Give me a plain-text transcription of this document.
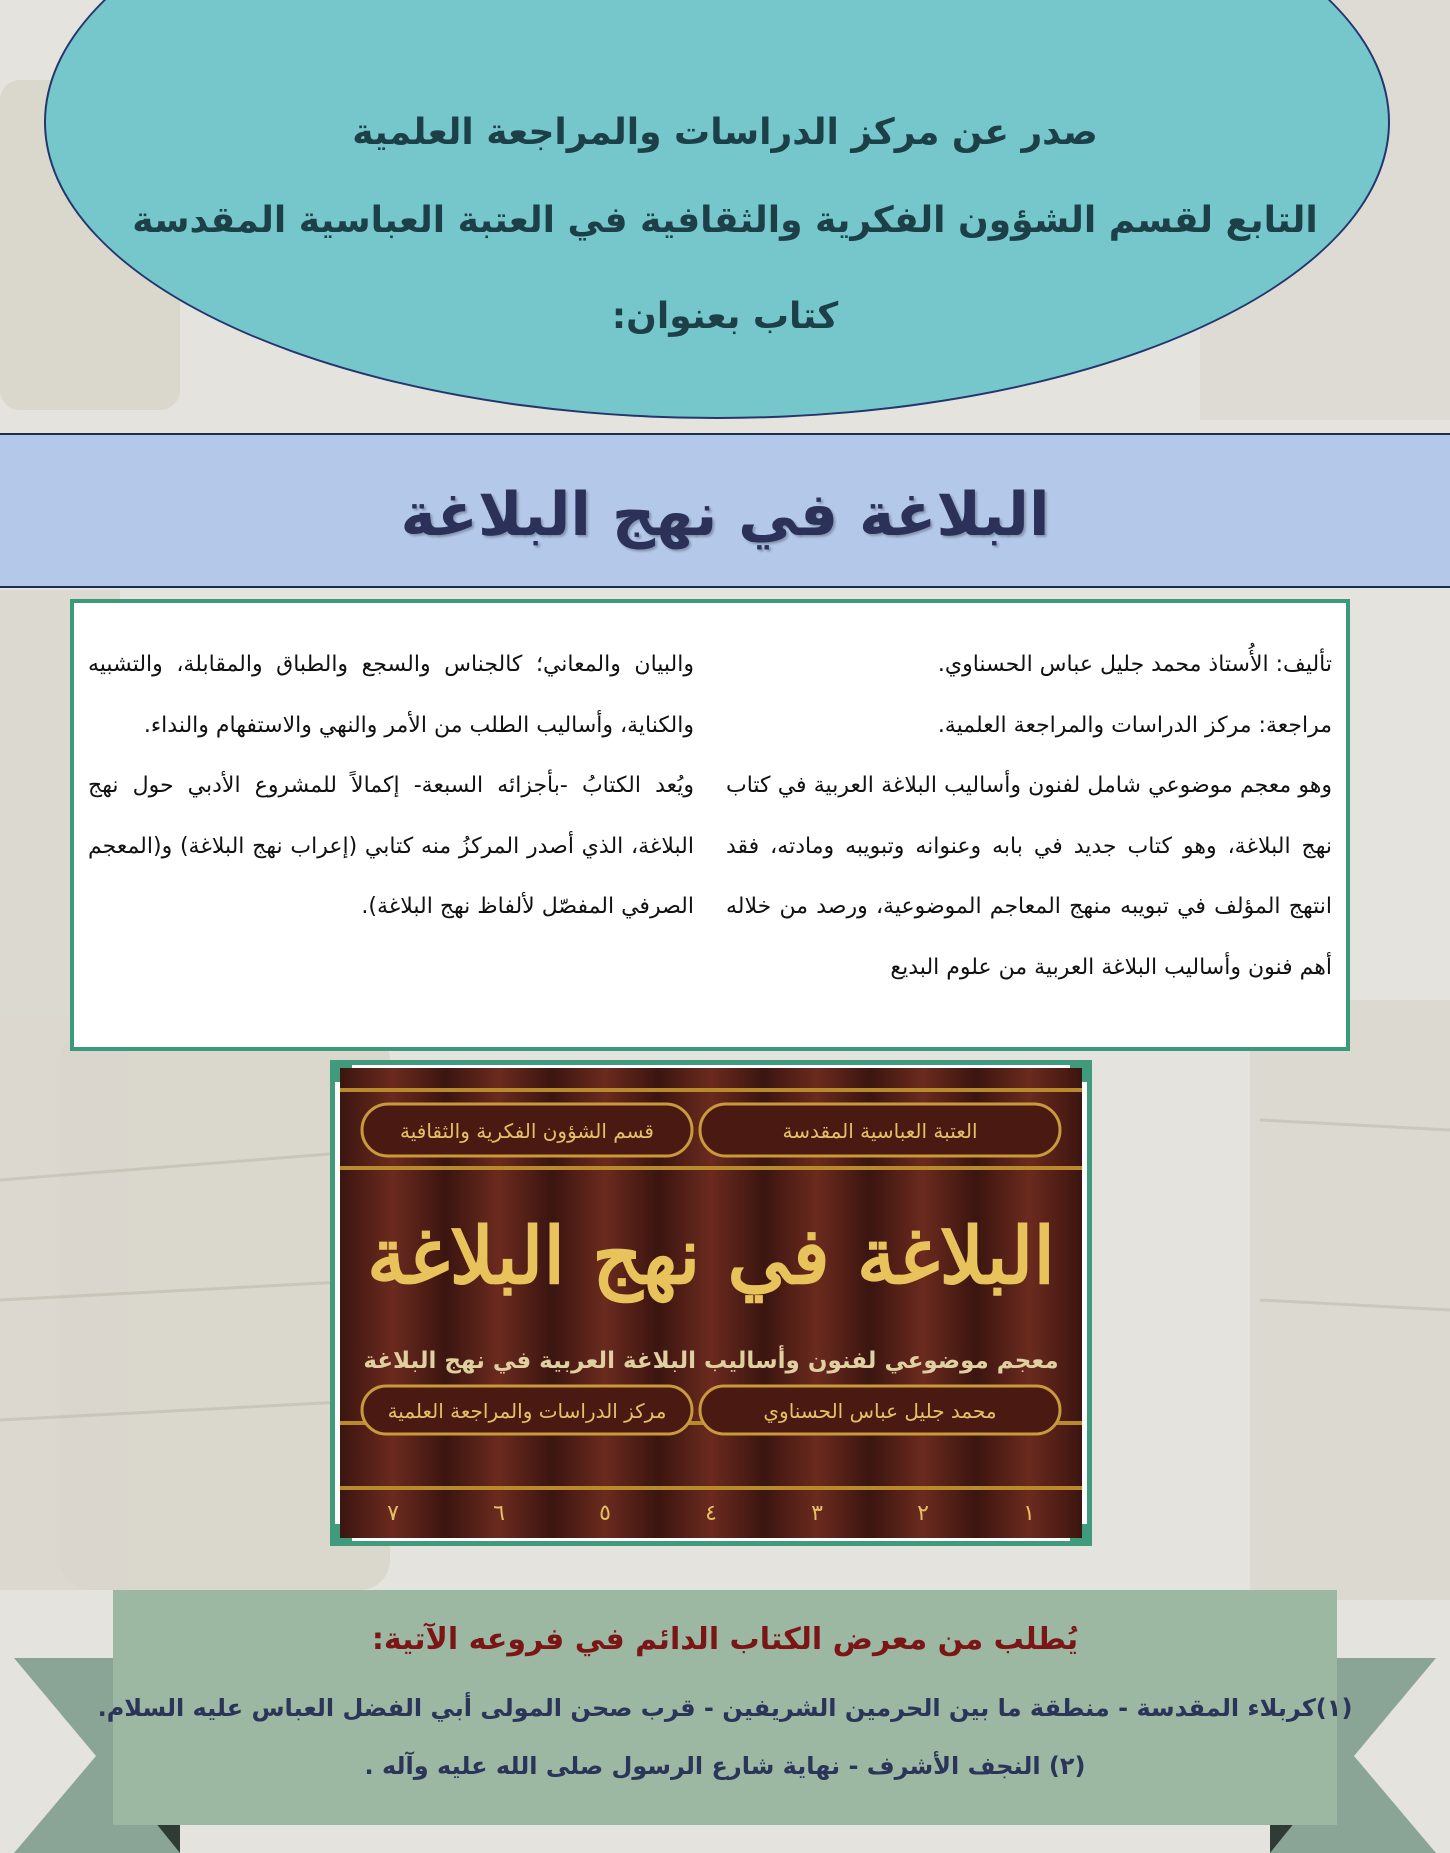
صدر عن مركز الدراسات والمراجعة العلمية
التابع لقسم الشؤون الفكرية والثقافية في العتبة العباسية المقدسة
كتاب بعنوان:
البلاغة في نهج البلاغة

تأليف: الأُستاذ محمد جليل عباس الحسناوي.

مراجعة: مركز الدراسات والمراجعة العلمية.

وهو معجم موضوعي شامل لفنون وأساليب البلاغة العربية في كتاب نهج البلاغة، وهو كتاب جديد في بابه وعنوانه وتبويبه ومادته، فقد انتهج المؤلف في تبويبه منهج المعاجم الموضوعية، ورصد من خلاله أهم فنون وأساليب البلاغة العربية من علوم البديع

والبيان والمعاني؛ كالجناس والسجع والطباق والمقابلة، والتشبيه والكناية، وأساليب الطلب من الأمر والنهي والاستفهام والنداء.

ويُعد الكتابُ -بأجزائه السبعة- إكمالاً للمشروع الأدبي حول نهج البلاغة، الذي أصدر المركزُ منه كتابي (إعراب نهج البلاغة) و(المعجم الصرفي المفصّل لألفاظ نهج البلاغة).

العتبة العباسية المقدسة
قسم الشؤون الفكرية والثقافية
البلاغة في نهج البلاغة
معجم موضوعي لفنون وأساليب البلاغة العربية في نهج البلاغة
محمد جليل عباس الحسناوي
مركز الدراسات والمراجعة العلمية
١
٢
٣
٤
٥
٦
٧
يُطلب من معرض الكتاب الدائم في فروعه الآتية:
(١)كربلاء المقدسة - منطقة ما بين الحرمين الشريفين - قرب صحن المولى أبي الفضل العباس عليه السلام.
(٢) النجف الأشرف - نهاية شارع الرسول صلى الله عليه وآله .
